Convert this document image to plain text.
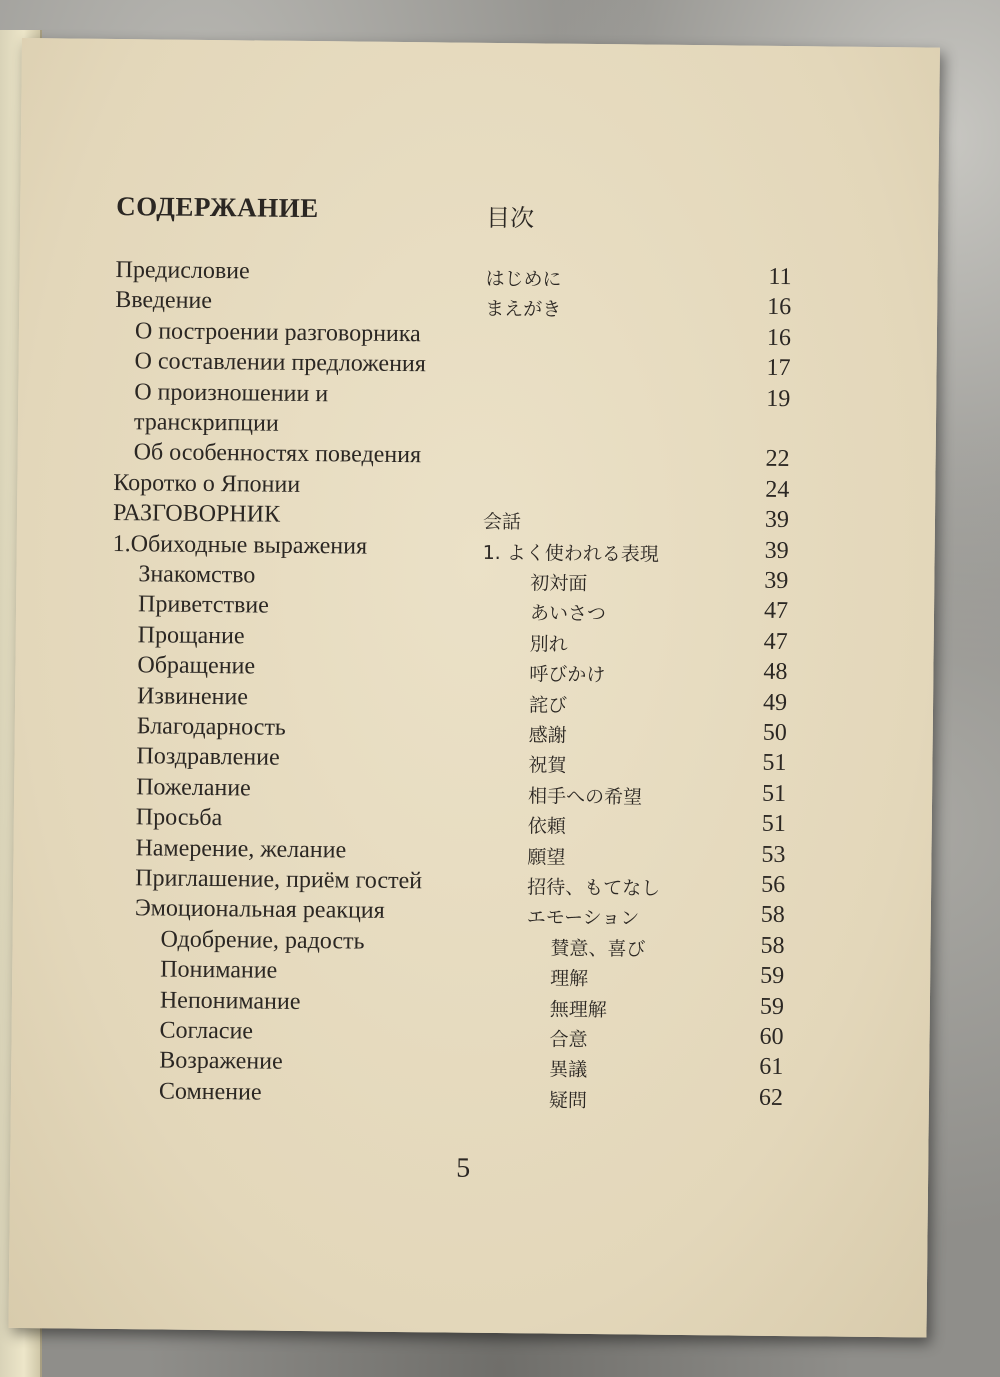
СОДЕРЖАНИЕ	目次
Предисловие	はじめに	11
Введение	まえがき	16
О построении разговорника	16
О составлении предложения	17
О произношении и	19
транскрипции
Об особенностях поведения	22
Коротко о Японии	24
РАЗГОВОРНИК	会話	39
1.Обиходные выражения	1. よく使われる表現	39
Знакомство	初対面	39
Приветствие	あいさつ	47
Прощание	別れ	47
Обращение	呼びかけ	48
Извинение	詫び	49
Благодарность	感謝	50
Поздравление	祝賀	51
Пожелание	相手への希望	51
Просьба	依頼	51
Намерение, желание	願望	53
Приглашение, приём гостей	招待、もてなし	56
Эмоциональная реакция	エモーション	58
Одобрение, радость	賛意、喜び	58
Понимание	理解	59
Непонимание	無理解	59
Согласие	合意	60
Возражение	異議	61
Сомнение	疑問	62
5
